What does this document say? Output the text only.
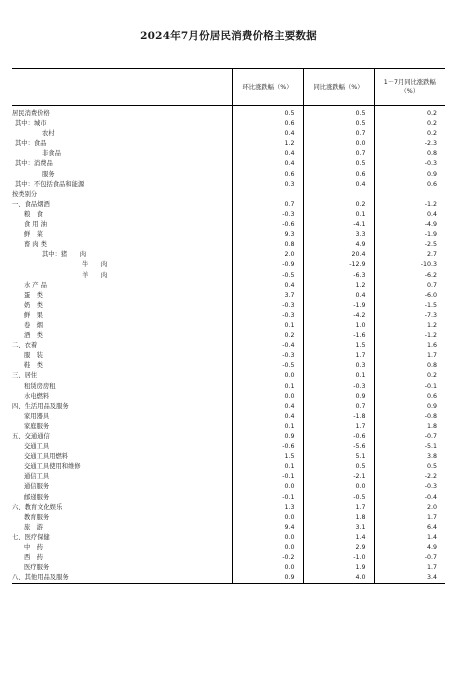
2024年7月份居民消费价格主要数据
	环比涨跌幅（%）	同比涨跌幅（%）	1－7月同比涨跌幅（%）
居民消费价格	0.5	0.5	0.2
其中：城市	0.6	0.5	0.2
农村	0.4	0.7	0.2
其中：食品	1.2	0.0	-2.3
非食品	0.4	0.7	0.8
其中：消费品	0.4	0.5	-0.3
服务	0.6	0.6	0.9
其中：不包括食品和能源	0.3	0.4	0.6
按类别分			
一、食品烟酒	0.7	0.2	-1.2
粮　食	-0.3	0.1	0.4
食 用 油	-0.6	-4.1	-4.9
鲜　菜	9.3	3.3	-1.9
畜 肉 类	0.8	4.9	-2.5
其中：猪　　肉	2.0	20.4	2.7
牛　　肉	-0.9	-12.9	-10.3
羊　　肉	-0.5	-6.3	-6.2
水 产 品	0.4	1.2	0.7
蛋　类	3.7	0.4	-6.0
奶　类	-0.3	-1.9	-1.5
鲜　果	-0.3	-4.2	-7.3
卷　烟	0.1	1.0	1.2
酒　类	0.2	-1.6	-1.2
二、衣着	-0.4	1.5	1.6
服　装	-0.3	1.7	1.7
鞋　类	-0.5	0.3	0.8
三、居住	0.0	0.1	0.2
租赁房房租	0.1	-0.3	-0.1
水电燃料	0.0	0.9	0.6
四、生活用品及服务	0.4	0.7	0.9
家用器具	0.4	-1.8	-0.8
家庭服务	0.1	1.7	1.8
五、交通通信	0.9	-0.6	-0.7
交通工具	-0.6	-5.6	-5.1
交通工具用燃料	1.5	5.1	3.8
交通工具使用和维修	0.1	0.5	0.5
通信工具	-0.1	-2.1	-2.2
通信服务	0.0	0.0	-0.3
邮递服务	-0.1	-0.5	-0.4
六、教育文化娱乐	1.3	1.7	2.0
教育服务	0.0	1.8	1.7
旅　游	9.4	3.1	6.4
七、医疗保健	0.0	1.4	1.4
中　药	0.0	2.9	4.9
西　药	-0.2	-1.0	-0.7
医疗服务	0.0	1.9	1.7
八、其他用品及服务	0.9	4.0	3.4
